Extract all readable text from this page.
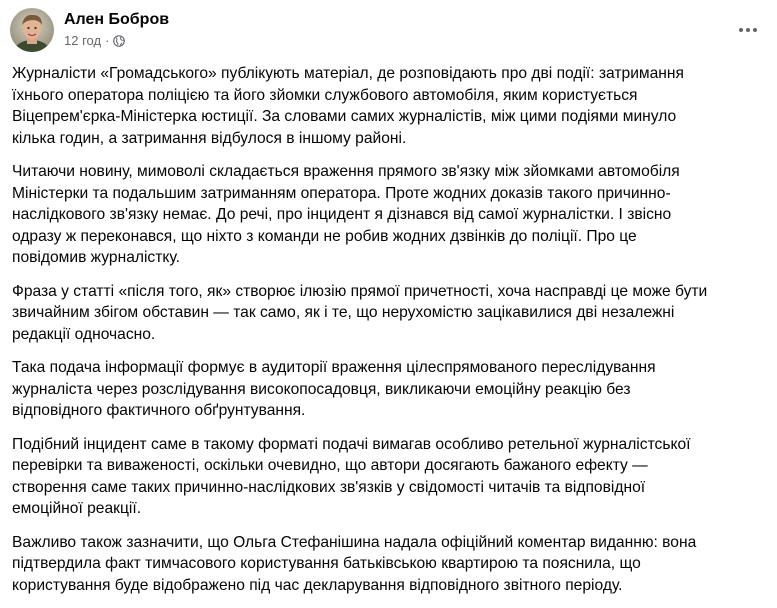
Ален Бобров
12 год ·

Журналісти «Громадського» публікують матеріал, де розповідають про дві події: затримання
їхнього оператора поліцією та його зйомки службового автомобіля, яким користується
Віцепрем'єрка-Міністерка юстиції. За словами самих журналістів, між цими подіями минуло
кілька годин, а затримання відбулося в іншому районі.

Читаючи новину, мимоволі складається враження прямого зв'язку між зйомками автомобіля
Міністерки та подальшим затриманням оператора. Проте жодних доказів такого причинно-
наслідкового зв'язку немає. До речі, про інцидент я дізнався від самої журналістки. І звісно
одразу ж переконався, що ніхто з команди не робив жодних дзвінків до поліції. Про це
повідомив журналістку.

Фраза у статті «після того, як» створює ілюзію прямої причетності, хоча насправді це може бути
звичайним збігом обставин — так само, як і те, що нерухомістю зацікавилися дві незалежні
редакції одночасно.

Така подача інформації формує в аудиторії враження цілеспрямованого переслідування
журналіста через розслідування високопосадовця, викликаючи емоційну реакцію без
відповідного фактичного обґрунтування.

Подібний інцидент саме в такому форматі подачі вимагав особливо ретельної журналістської
перевірки та виваженості, оскільки очевидно, що автори досягають бажаного ефекту —
створення саме таких причинно-наслідкових зв'язків у свідомості читачів та відповідної
емоційної реакції.

Важливо також зазначити, що Ольга Стефанішина надала офіційний коментар виданню: вона
підтвердила факт тимчасового користування батьківською квартирою та пояснила, що
користування буде відображено під час декларування відповідного звітного періоду.
